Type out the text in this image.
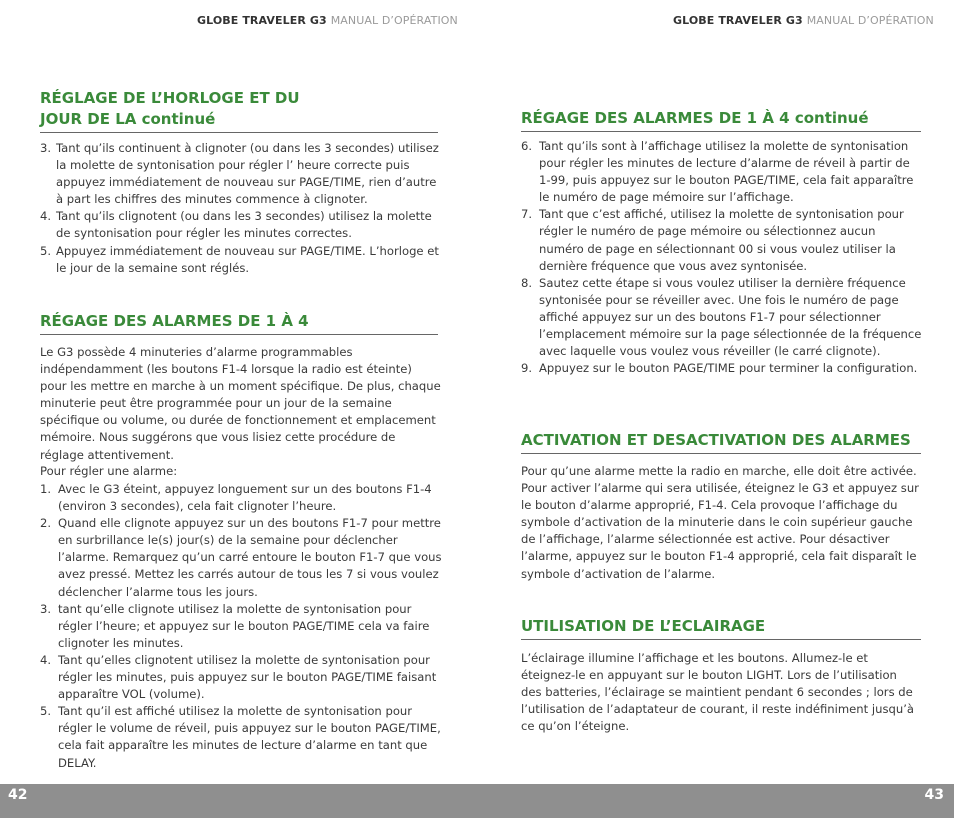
GLOBE TRAVELER G3 MANUAL D’OPÉRATION	GLOBE TRAVELER G3 MANUAL D’OPÉRATION
RÉGLAGE DE L’HORLOGE ET DU
JOUR DE LA continué
3. Tant qu’ils continuent à clignoter (ou dans les 3 secondes) utilisez la molette de syntonisation pour régler l’ heure correcte puis appuyez immédiatement de nouveau sur PAGE/TIME, rien d’autre à part les chiffres des minutes commence à clignoter.
4. Tant qu’ils clignotent (ou dans les 3 secondes) utilisez la molette de syntonisation pour régler les minutes correctes.
5. Appuyez immédiatement de nouveau sur PAGE/TIME. L’horloge et le jour de la semaine sont réglés.
RÉGAGE DES ALARMES DE 1 À 4

Le G3 possède 4 minuteries d’alarme programmables indépendamment (les boutons F1-4 lorsque la radio est éteinte) pour les mettre en marche à un moment spécifique. De plus, chaque minuterie peut être programmée pour un jour de la semaine spécifique ou volume, ou durée de fonctionnement et emplacement mémoire. Nous suggérons que vous lisiez cette procédure de réglage attentivement.

Pour régler une alarme:

1. Avec le G3 éteint, appuyez longuement sur un des boutons F1-4 (environ 3 secondes), cela fait clignoter l’heure.
2. Quand elle clignote appuyez sur un des boutons F1-7 pour mettre en surbrillance le(s) jour(s) de la semaine pour déclencher l’alarme. Remarquez qu’un carré entoure le bouton F1-7 que vous avez pressé. Mettez les carrés autour de tous les 7 si vous voulez déclencher l’alarme tous les jours.
3. tant qu’elle clignote utilisez la molette de syntonisation pour régler l’heure; et appuyez sur le bouton PAGE/TIME cela va faire clignoter les minutes.
4. Tant qu’elles clignotent utilisez la molette de syntonisation pour régler les minutes, puis appuyez sur le bouton PAGE/TIME faisant apparaître VOL (volume).
5. Tant qu’il est affiché utilisez la molette de syntonisation pour régler le volume de réveil, puis appuyez sur le bouton PAGE/TIME, cela fait apparaître les minutes de lecture d’alarme en tant que DELAY.
RÉGAGE DES ALARMES DE 1 À 4 continué
6. Tant qu’ils sont à l’affichage utilisez la molette de syntonisation pour régler les minutes de lecture d’alarme de réveil à partir de 1-99, puis appuyez sur le bouton PAGE/TIME, cela fait apparaître le numéro de page mémoire sur l’affichage.
7. Tant que c’est affiché, utilisez la molette de syntonisation pour régler le numéro de page mémoire ou sélectionnez aucun numéro de page en sélectionnant 00 si vous voulez utiliser la dernière fréquence que vous avez syntonisée.
8. Sautez cette étape si vous voulez utiliser la dernière fréquence syntonisée pour se réveiller avec. Une fois le numéro de page affiché appuyez sur un des boutons F1-7 pour sélectionner l’emplacement mémoire sur la page sélectionnée de la fréquence avec laquelle vous voulez vous réveiller (le carré clignote).
9. Appuyez sur le bouton PAGE/TIME pour terminer la configuration.
ACTIVATION ET DESACTIVATION DES ALARMES

Pour qu’une alarme mette la radio en marche, elle doit être activée. Pour activer l’alarme qui sera utilisée, éteignez le G3 et appuyez sur le bouton d’alarme approprié, F1-4. Cela provoque l’affichage du symbole d’activation de la minuterie dans le coin supérieur gauche de l’affichage, l’alarme sélectionnée est active. Pour désactiver l’alarme, appuyez sur le bouton F1-4 approprié, cela fait disparaît le symbole d’activation de l’alarme.

UTILISATION DE L’ECLAIRAGE

L’éclairage illumine l’affichage et les boutons. Allumez-le et éteignez-le en appuyant sur le bouton LIGHT. Lors de l’utilisation des batteries, l’éclairage se maintient pendant 6 secondes ; lors de l’utilisation de l’adaptateur de courant, il reste indéfiniment jusqu’à ce qu’on l’éteigne.

42	43
